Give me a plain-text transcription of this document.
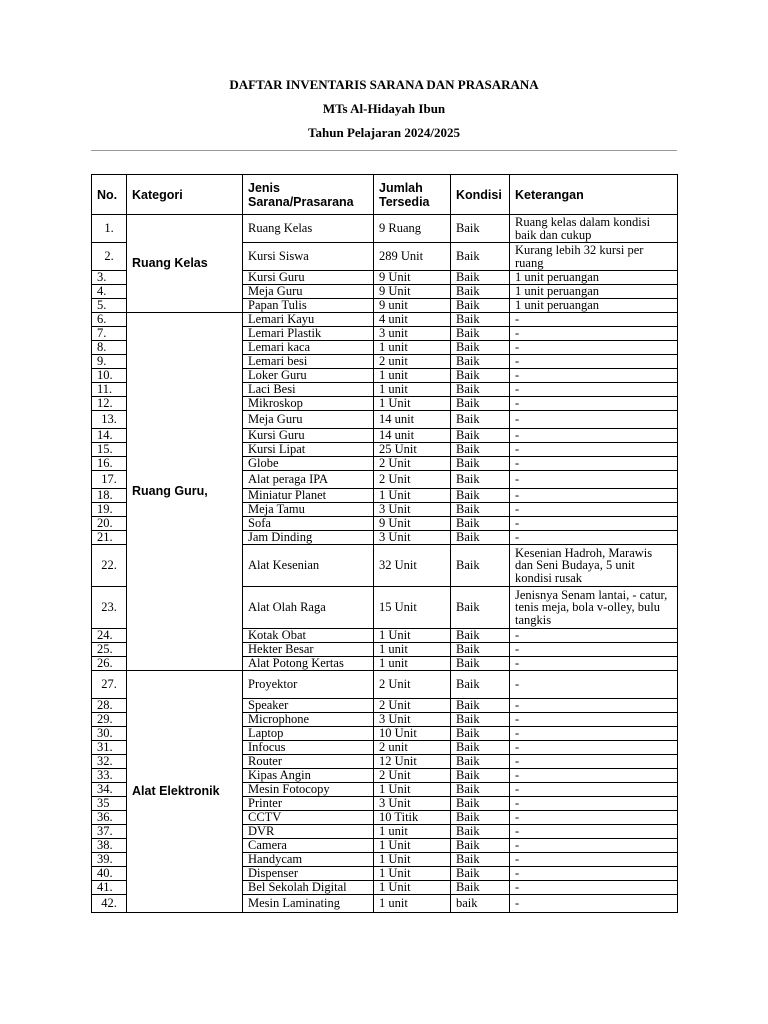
DAFTAR INVENTARIS SARANA DAN PRASARANA
MTs Al-Hidayah Ibun
Tahun Pelajaran 2024/2025
No.	Kategori	Jenis Sarana/Prasarana	Jumlah Tersedia	Kondisi	Keterangan
1.	Ruang Kelas	Ruang Kelas	9 Ruang	Baik	Ruang kelas dalam kondisi baik dan cukup
2.		Kursi Siswa	289 Unit	Baik	Kurang lebih 32 kursi per ruang
3.		Kursi Guru	9 Unit	Baik	1 unit peruangan
4.		Meja Guru	9 Unit	Baik	1 unit peruangan
5.		Papan Tulis	9 unit	Baik	1 unit peruangan
6.	Ruang Guru,	Lemari Kayu	4 unit	Baik	-
7.		Lemari Plastik	3 unit	Baik	-
8.		Lemari kaca	1 unit	Baik	-
9.		Lemari besi	2 unit	Baik	-
10.		Loker Guru	1 unit	Baik	-
11.		Laci Besi	1 unit	Baik	-
12.		Mikroskop	1 Unit	Baik	-
13.		Meja Guru	14 unit	Baik	-
14.		Kursi Guru	14 unit	Baik	-
15.		Kursi Lipat	25 Unit	Baik	-
16.		Globe	2 Unit	Baik	-
17.		Alat peraga IPA	2 Unit	Baik	-
18.		Miniatur Planet	1 Unit	Baik	-
19.		Meja Tamu	3 Unit	Baik	-
20.		Sofa	9 Unit	Baik	-
21.		Jam Dinding	3 Unit	Baik	-
22.		Alat Kesenian	32 Unit	Baik	Kesenian Hadroh, Marawis dan Seni Budaya, 5 unit kondisi rusak
23.		Alat Olah Raga	15 Unit	Baik	Jenisnya Senam lantai, - catur, tenis meja, bola v-olley, bulu tangkis
24.		Kotak Obat	1 Unit	Baik	-
25.		Hekter Besar	1 unit	Baik	-
26.		Alat Potong Kertas	1 unit	Baik	-
27.	Alat Elektronik	Proyektor	2 Unit	Baik	-
28.		Speaker	2 Unit	Baik	-
29.		Microphone	3 Unit	Baik	-
30.		Laptop	10 Unit	Baik	-
31.		Infocus	2 unit	Baik	-
32.		Router	12 Unit	Baik	-
33.		Kipas Angin	2 Unit	Baik	-
34.		Mesin Fotocopy	1 Unit	Baik	-
35		Printer	3 Unit	Baik	-
36.		CCTV	10 Titik	Baik	-
37.		DVR	1 unit	Baik	-
38.		Camera	1 Unit	Baik	-
39.		Handycam	1 Unit	Baik	-
40.		Dispenser	1 Unit	Baik	-
41.		Bel Sekolah Digital	1 Unit	Baik	-
42.		Mesin Laminating	1 unit	baik	-
